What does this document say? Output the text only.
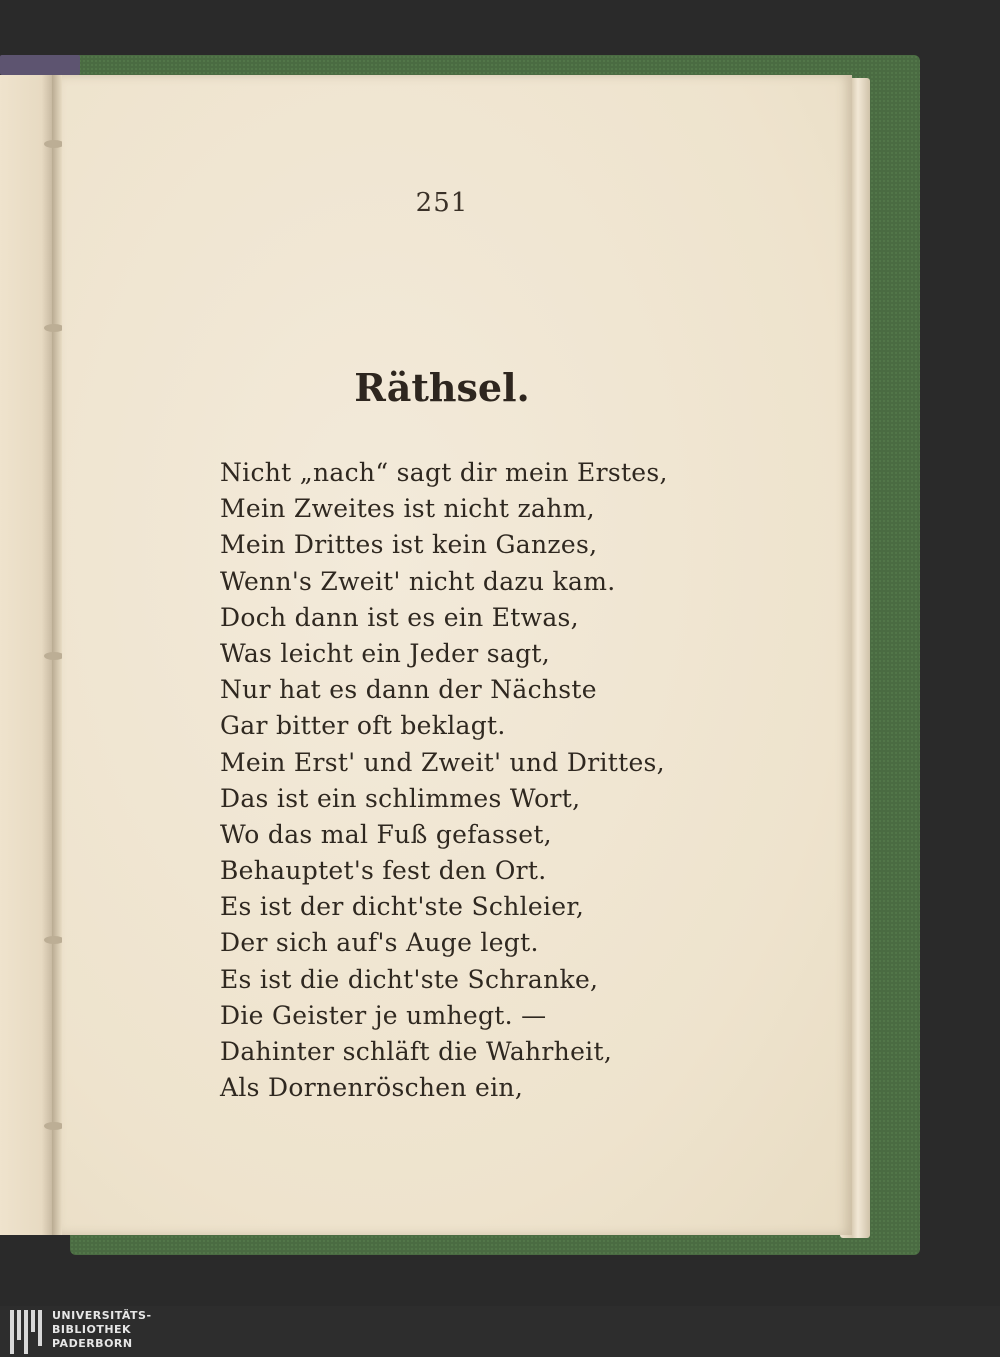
251
Räthsel.
Nicht „nach“ sagt dir mein Erstes,
Mein Zweites ist nicht zahm,
Mein Drittes ist kein Ganzes,
Wenn's Zweit' nicht dazu kam.
Doch dann ist es ein Etwas,
Was leicht ein Jeder sagt,
Nur hat es dann der Nächste
Gar bitter oft beklagt.
Mein Erst' und Zweit' und Drittes,
Das ist ein schlimmes Wort,
Wo das mal Fuß gefasset,
Behauptet's fest den Ort.
Es ist der dicht'ste Schleier,
Der sich auf's Auge legt.
Es ist die dicht'ste Schranke,
Die Geister je umhegt. —
Dahinter schläft die Wahrheit,
Als Dornenröschen ein,
UNIVERSITÄTS-
BIBLIOTHEK
PADERBORN
